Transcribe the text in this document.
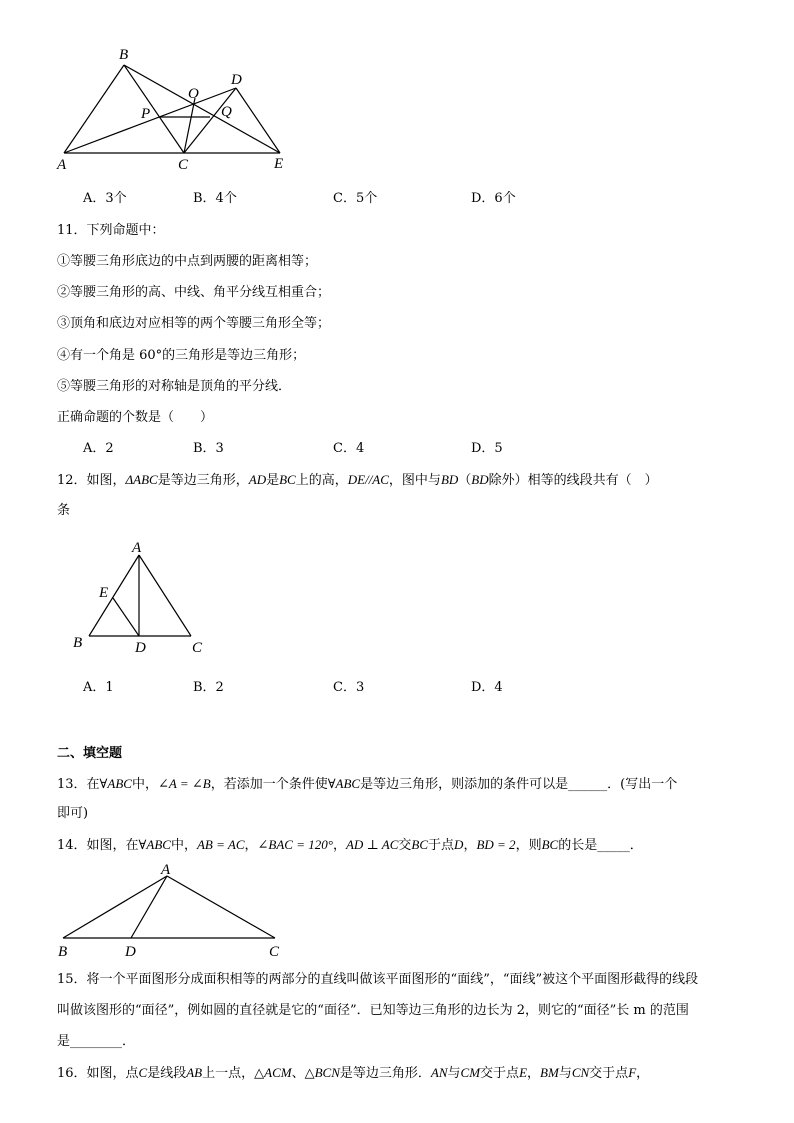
B
D
O
P	Q
A	C	E
A．3个	B．4个	C．5个	D．6个
11．下列命题中：
①等腰三角形底边的中点到两腰的距离相等；
②等腰三角形的高、中线、角平分线互相重合；
③顶角和底边对应相等的两个等腰三角形全等；
④有一个角是 60°的三角形是等边三角形；
⑤等腰三角形的对称轴是顶角的平分线．
正确命题的个数是（　　）
A．2	B．3	C．4	D．5
12．如图，ΔABC是等边三角形，AD是BC上的高，DE//AC，图中与BD（BD除外）相等的线段共有（　）
条
A
E
B	D	C
A．1	B．2	C．3	D．4
二、填空题
13．在∀ABC中，∠A = ∠B，若添加一个条件使∀ABC是等边三角形，则添加的条件可以是______．(写出一个
即可)
14．如图，在∀ABC中，AB = AC，∠BAC = 120°，AD ⊥ AC交BC于点D，BD = 2，则BC的长是_____．
A
B	D	C
15．将一个平面图形分成面积相等的两部分的直线叫做该平面图形的“面线”，“面线”被这个平面图形截得的线段
叫做该图形的“面径”，例如圆的直径就是它的“面径”．已知等边三角形的边长为 2，则它的“面径”长 m 的范围
是________．
16．如图，点C是线段AB上一点，△ACM、△BCN是等边三角形．AN与CM交于点E，BM与CN交于点F，
